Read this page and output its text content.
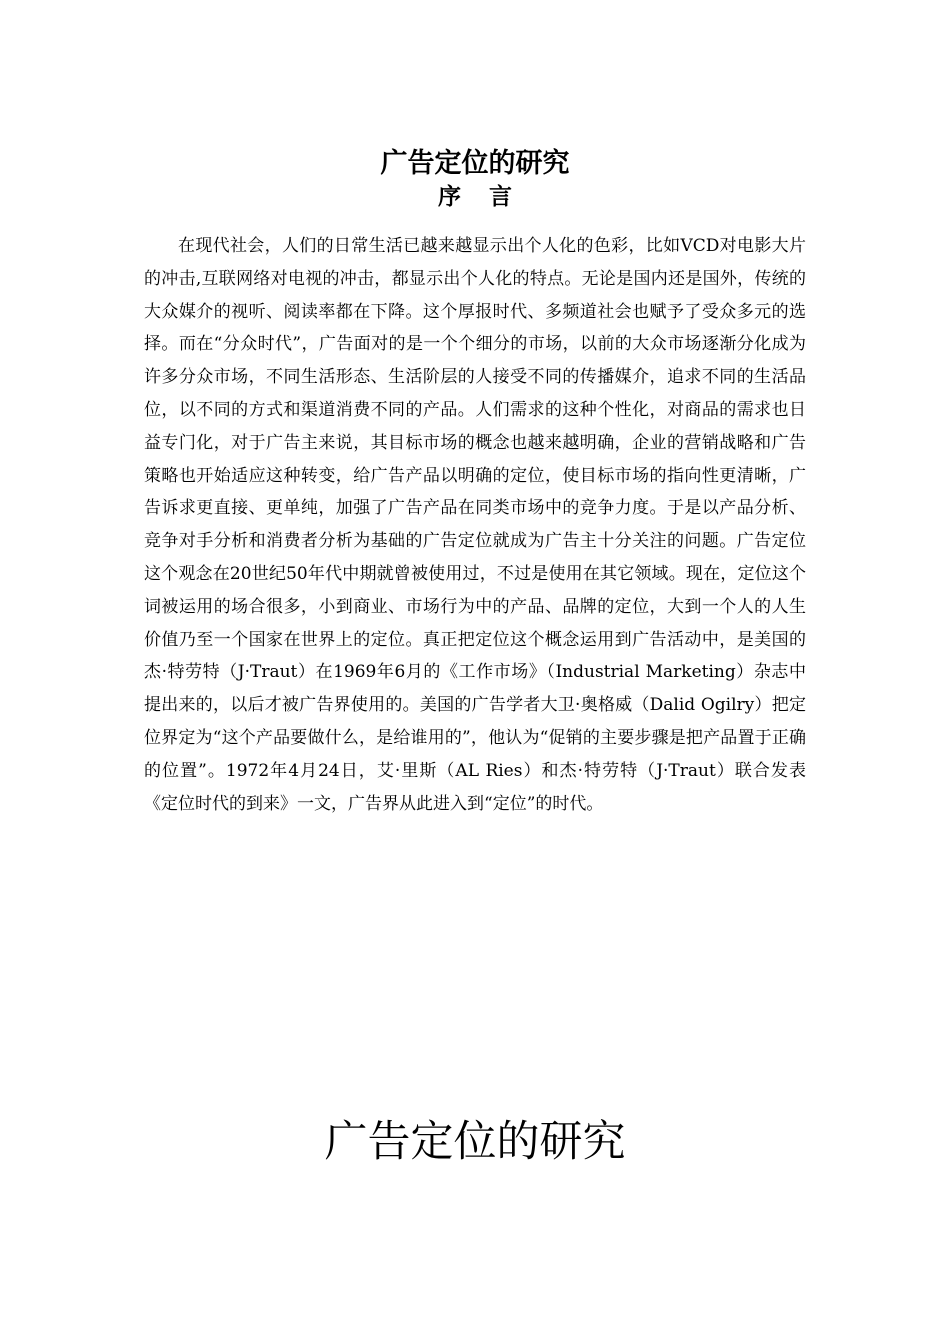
广告定位的研究
序言

在现代社会，人们的日常生活已越来越显示出个人化的色彩，比如VCD对电影大片的冲击,互联网络对电视的冲击，都显示出个人化的特点。无论是国内还是国外，传统的大众媒介的视听、阅读率都在下降。这个厚报时代、多频道社会也赋予了受众多元的选择。而在“分众时代”，广告面对的是一个个细分的市场，以前的大众市场逐渐分化成为许多分众市场，不同生活形态、生活阶层的人接受不同的传播媒介，追求不同的生活品位，以不同的方式和渠道消费不同的产品。人们需求的这种个性化，对商品的需求也日益专门化，对于广告主来说，其目标市场的概念也越来越明确，企业的营销战略和广告策略也开始适应这种转变，给广告产品以明确的定位，使目标市场的指向性更清晰，广告诉求更直接、更单纯，加强了广告产品在同类市场中的竞争力度。于是以产品分析、竞争对手分析和消费者分析为基础的广告定位就成为广告主十分关注的问题。广告定位这个观念在20世纪50年代中期就曾被使用过，不过是使用在其它领域。现在，定位这个词被运用的场合很多，小到商业、市场行为中的产品、品牌的定位，大到一个人的人生价值乃至一个国家在世界上的定位。真正把定位这个概念运用到广告活动中，是美国的杰·特劳特（J·Traut）在1969年6月的《工作市场》（Industrial Marketing）杂志中提出来的，以后才被广告界使用的。美国的广告学者大卫·奥格威（Dalid Ogilry）把定位界定为“这个产品要做什么，是给谁用的”，他认为“促销的主要步骤是把产品置于正确的位置”。1972年4月24日，艾·里斯（AL Ries）和杰·特劳特（J·Traut）联合发表《定位时代的到来》一文，广告界从此进入到“定位”的时代。

广告定位的研究
